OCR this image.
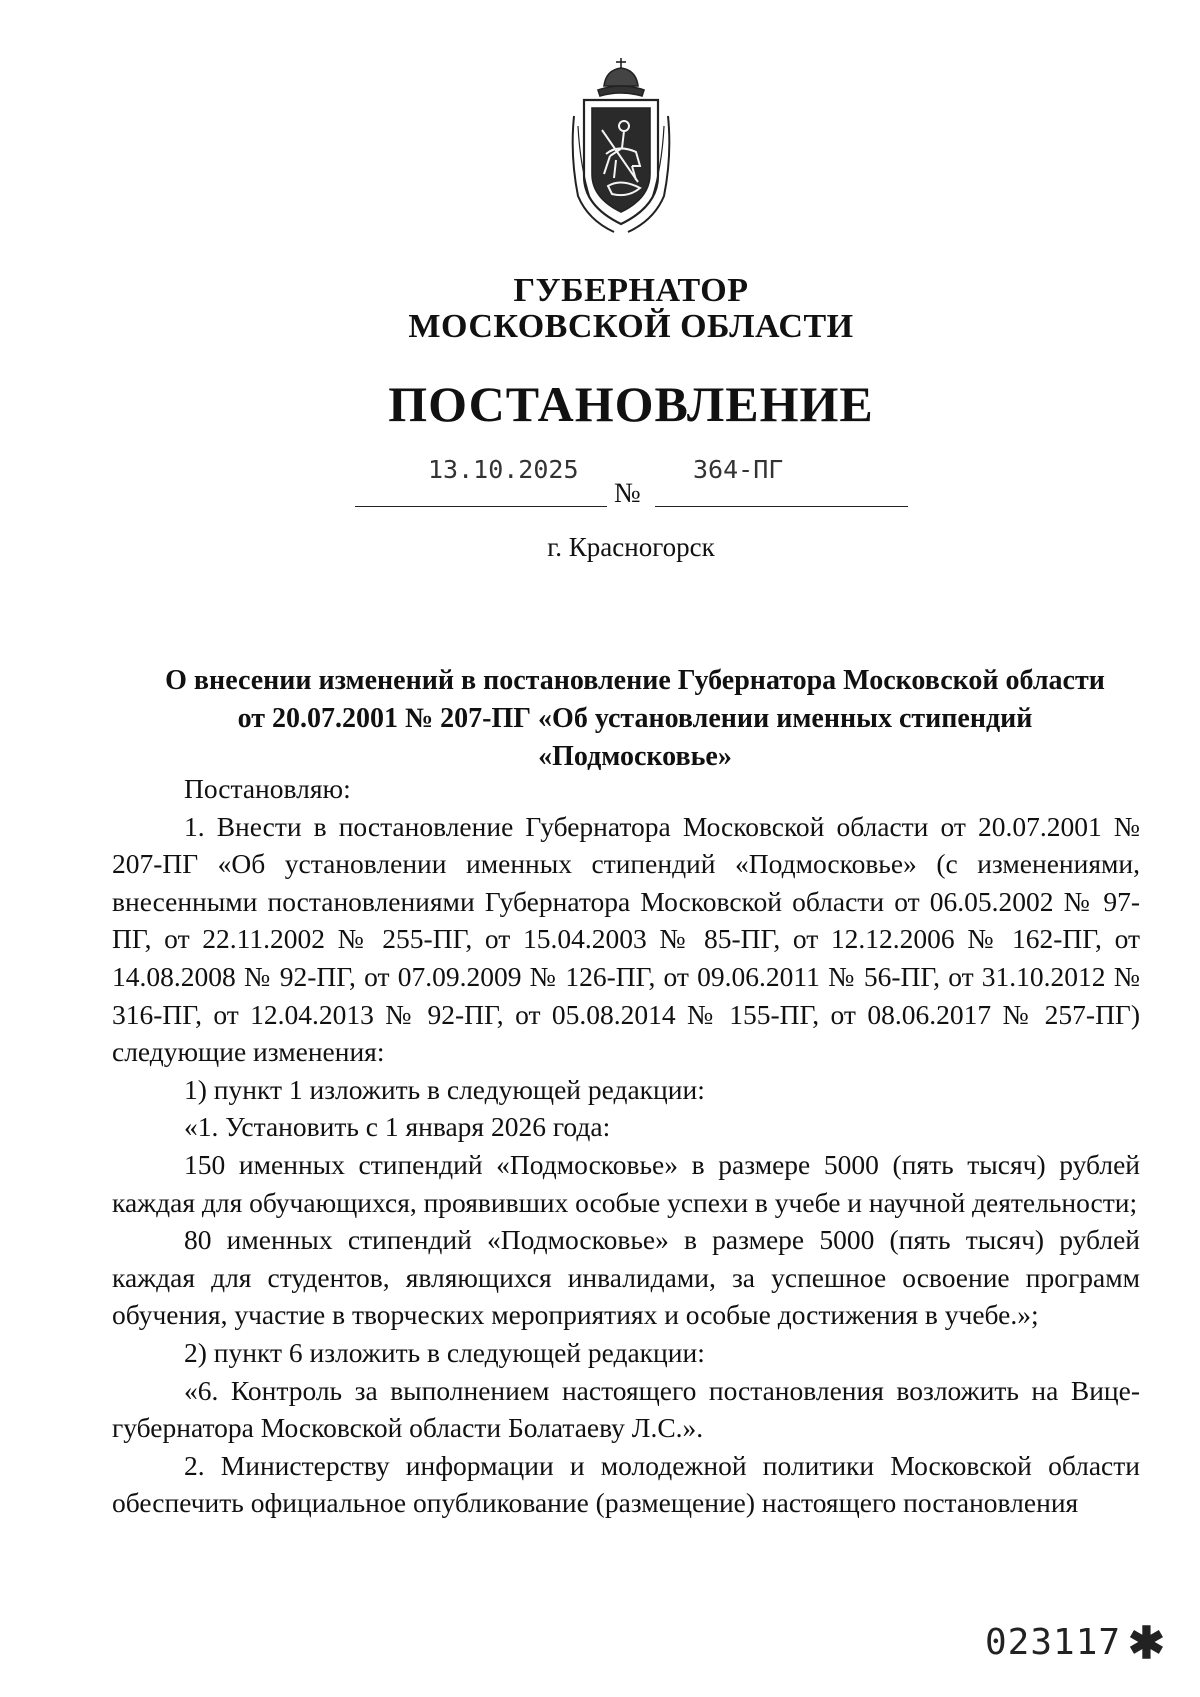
ГУБЕРНАТОР
МОСКОВСКОЙ ОБЛАСТИ
ПОСТАНОВЛЕНИЕ
13.10.2025
№
364-ПГ
г. Красногорск
О внесении изменений в постановление Губернатора Московской области
от 20.07.2001 № 207-ПГ «Об установлении именных стипендий «Подмосковье»

Постановляю:

1. Внести в постановление Губернатора Московской области от 20.07.2001 № 207-ПГ «Об установлении именных стипендий «Подмосковье» (с изменениями, внесенными постановлениями Губернатора Московской области от 06.05.2002 № 97-ПГ, от 22.11.2002 № 255-ПГ, от 15.04.2003 № 85-ПГ, от 12.12.2006 № 162-ПГ, от 14.08.2008 № 92-ПГ, от 07.09.2009 № 126-ПГ, от 09.06.2011 № 56-ПГ, от 31.10.2012 № 316-ПГ, от 12.04.2013 № 92-ПГ, от 05.08.2014 № 155-ПГ, от 08.06.2017 № 257-ПГ) следующие изменения:

1) пункт 1 изложить в следующей редакции:

«1. Установить с 1 января 2026 года:

150 именных стипендий «Подмосковье» в размере 5000 (пять тысяч) рублей каждая для обучающихся, проявивших особые успехи в учебе и научной деятельности;

80 именных стипендий «Подмосковье» в размере 5000 (пять тысяч) рублей каждая для студентов, являющихся инвалидами, за успешное освоение программ обучения, участие в творческих мероприятиях и особые достижения в учебе.»;

2) пункт 6 изложить в следующей редакции:

«6. Контроль за выполнением настоящего постановления возложить на Вице-губернатора Московской области Болатаеву Л.С.».

2. Министерству информации и молодежной политики Московской области обеспечить официальное опубликование (размещение) настоящего постановления

023117 ✱
